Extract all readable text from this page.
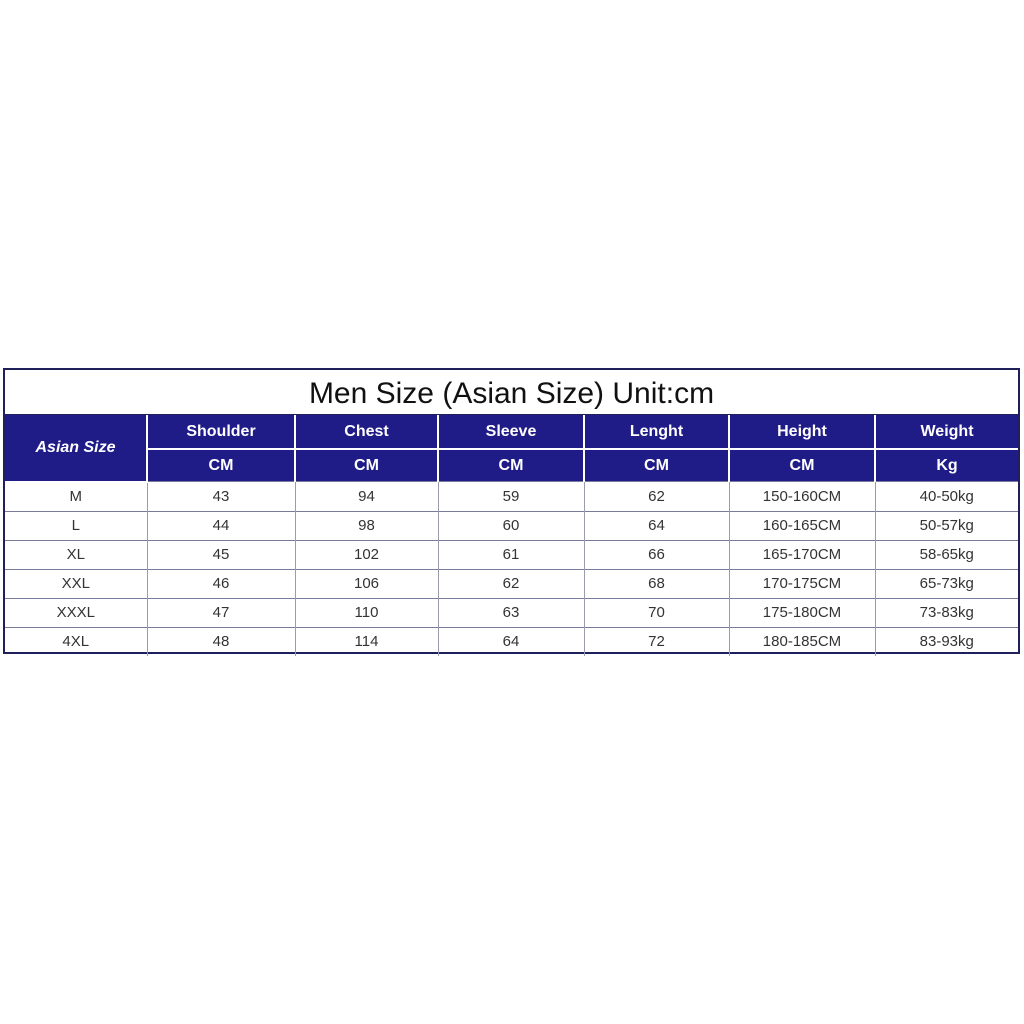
Men Size (Asian Size) Unit:cm
Asian Size	Shoulder	Chest	Sleeve	Lenght	Height	Weight
	CM	CM	CM	CM	CM	Kg
M	43	94	59	62	150-160CM	40-50kg
L	44	98	60	64	160-165CM	50-57kg
XL	45	102	61	66	165-170CM	58-65kg
XXL	46	106	62	68	170-175CM	65-73kg
XXXL	47	110	63	70	175-180CM	73-83kg
4XL	48	114	64	72	180-185CM	83-93kg
